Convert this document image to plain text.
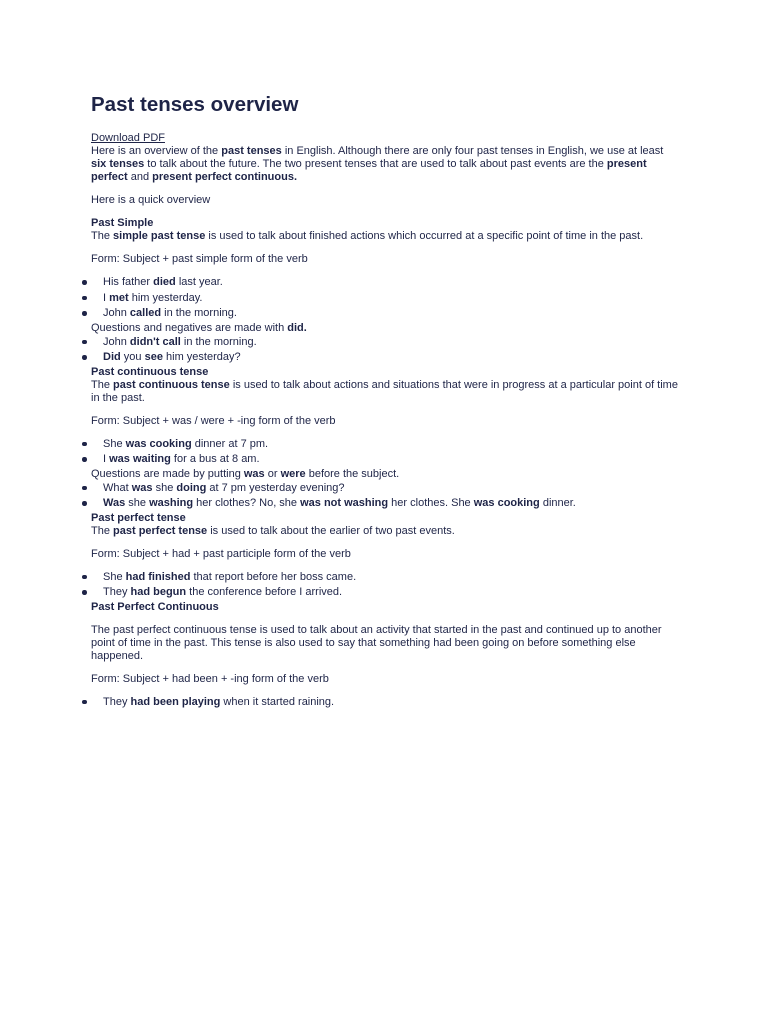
Past tenses overview
Download PDF

Here is an overview of the past tenses in English. Although there are only four past tenses in English, we use at least six tenses to talk about the future. The two present tenses that are used to talk about past events are the present perfect and present perfect continuous.

Here is a quick overview

Past Simple

The simple past tense is used to talk about finished actions which occurred at a specific point of time in the past.

Form: Subject + past simple form of the verb

His father died last year.
I met him yesterday.
John called in the morning.

Questions and negatives are made with did.

John didn't call in the morning.
Did you see him yesterday?
Past continuous tense

The past continuous tense is used to talk about actions and situations that were in progress at a particular point of time in the past.

Form: Subject + was / were + -ing form of the verb

She was cooking dinner at 7 pm.
I was waiting for a bus at 8 am.

Questions are made by putting was or were before the subject.

What was she doing at 7 pm yesterday evening?
Was she washing her clothes? No, she was not washing her clothes. She was cooking dinner.
Past perfect tense

The past perfect tense is used to talk about the earlier of two past events.

Form: Subject + had + past participle form of the verb

She had finished that report before her boss came.
They had begun the conference before I arrived.
Past Perfect Continuous

The past perfect continuous tense is used to talk about an activity that started in the past and continued up to another point of time in the past. This tense is also used to say that something had been going on before something else happened.

Form: Subject + had been + -ing form of the verb

They had been playing when it started raining.
